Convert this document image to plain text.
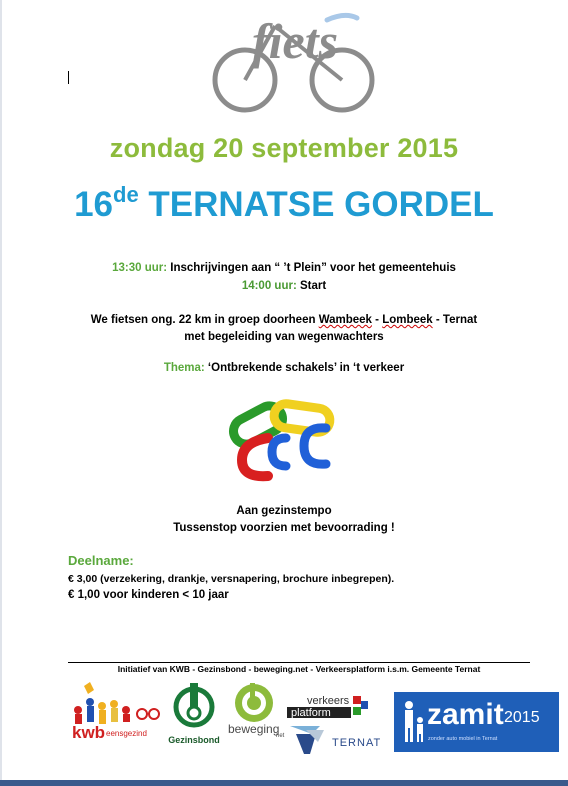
fiets
zondag 20 september 2015
16de TERNATSE GORDEL
13:30 uur: Inschrijvingen aan “ ’t Plein” voor het gemeentehuis
14:00 uur: Start
We fietsen ong. 22 km in groep doorheen Wambeek - Lombeek - Ternat
met begeleiding van wegenwachters
Thema: ‘Ontbrekende schakels’ in ‘t verkeer
Aan gezinstempo
Tussenstop voorzien met bevoorrading !
Deelname:
€ 3,00 (verzekering, drankje, versnapering, brochure inbegrepen).
€ 1,00 voor kinderen < 10 jaar
Initiatief van KWB - Gezinsbond - beweging.net - Verkeersplatform i.s.m. Gemeente Ternat
kwb eensgezind
Gezinsbond
beweging
net
verkeers
platform
TERNAT
zamit 2015
zonder auto mobiel in Ternat
